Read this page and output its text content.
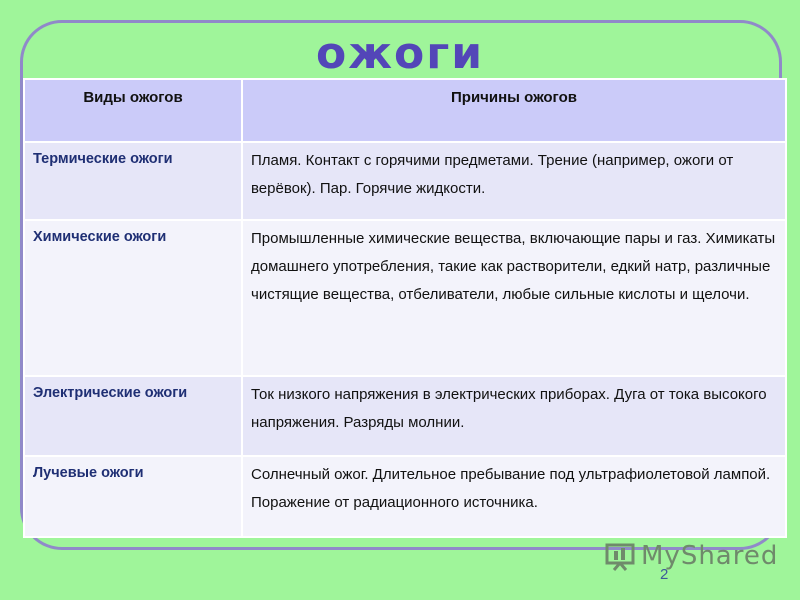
ожоги
Виды ожогов	Причины ожогов
Термические ожоги	Пламя. Контакт с горячими предметами. Трение (например, ожоги от верёвок). Пар. Горячие жидкости.
Химические ожоги	Промышленные химические вещества, включающие пары и газ. Химикаты домашнего употребления, такие как растворители, едкий натр, различные чистящие вещества, отбеливатели, любые сильные кислоты и щелочи.
Электрические ожоги	Ток низкого напряжения в электрических приборах. Дуга от тока высокого напряжения. Разряды молнии.
Лучевые ожоги	Солнечный ожог. Длительное пребывание под ультрафиолетовой лампой. Поражение от радиационного источника.
MyShared
2
